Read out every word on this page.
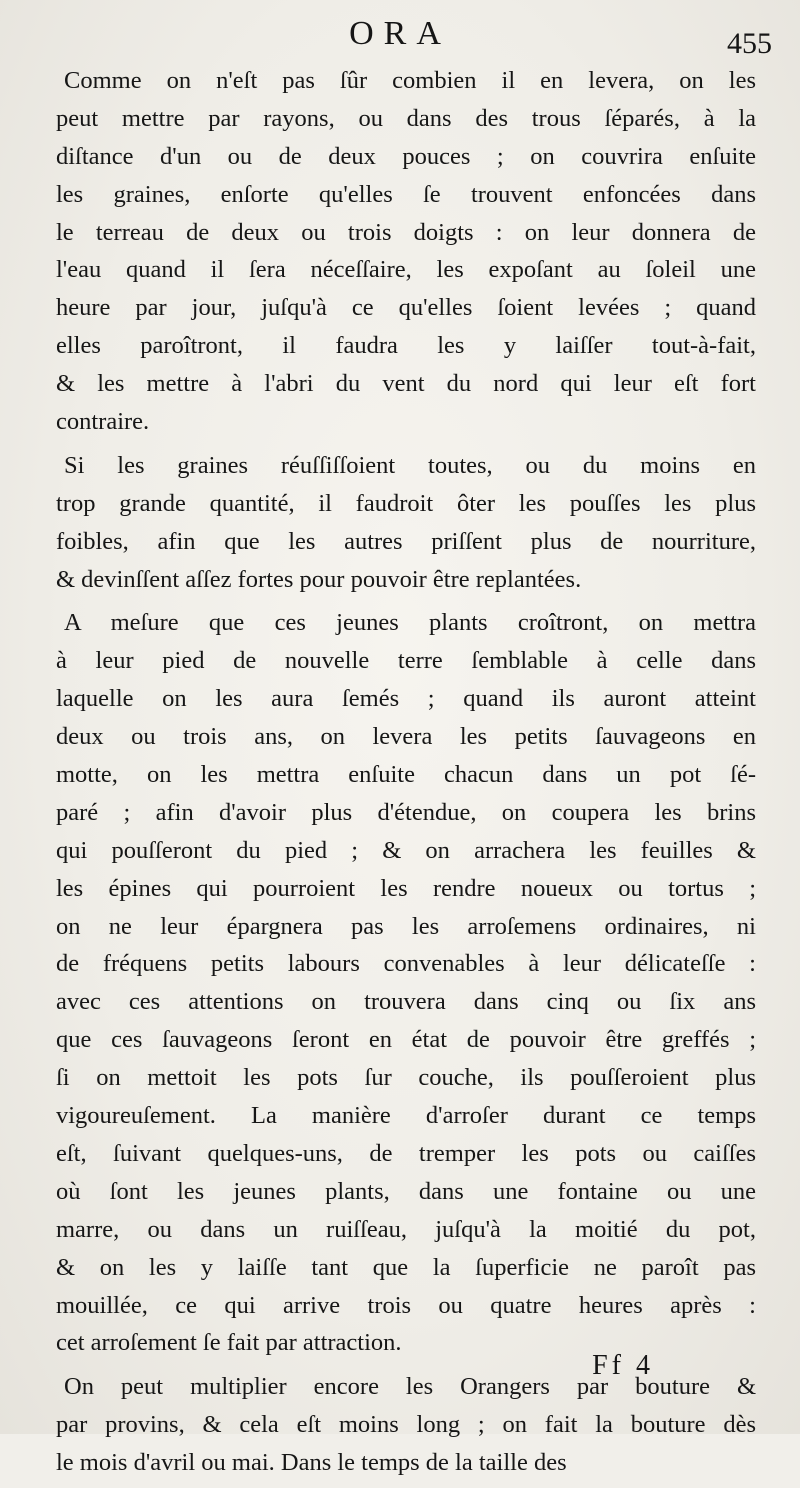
ORA	455
Comme on n'eſt pas ſûr combien il en levera, on les
peut mettre par rayons, ou dans des trous ſéparés, à la
diſtance d'un ou de deux pouces ; on couvrira enſuite
les graines, enſorte qu'elles ſe trouvent enfoncées dans
le terreau de deux ou trois doigts : on leur donnera de
l'eau quand il ſera néceſſaire, les expoſant au ſoleil une
heure par jour, juſqu'à ce qu'elles ſoient levées ; quand
elles paroîtront, il faudra les y laiſſer tout-à-fait,
& les mettre à l'abri du vent du nord qui leur eſt fort
contraire.
Si les graines réuſſiſſoient toutes, ou du moins en
trop grande quantité, il faudroit ôter les pouſſes les plus
foibles, afin que les autres priſſent plus de nourriture,
& devinſſent aſſez fortes pour pouvoir être replantées.
A meſure que ces jeunes plants croîtront, on mettra
à leur pied de nouvelle terre ſemblable à celle dans
laquelle on les aura ſemés ; quand ils auront atteint
deux ou trois ans, on levera les petits ſauvageons en
motte, on les mettra enſuite chacun dans un pot ſé-
paré ; afin d'avoir plus d'étendue, on coupera les brins
qui pouſſeront du pied ; & on arrachera les feuilles &
les épines qui pourroient les rendre noueux ou tortus ;
on ne leur épargnera pas les arroſemens ordinaires, ni
de fréquens petits labours convenables à leur délicateſſe :
avec ces attentions on trouvera dans cinq ou ſix ans
que ces ſauvageons ſeront en état de pouvoir être greffés ;
ſi on mettoit les pots ſur couche, ils pouſſeroient plus
vigoureuſement. La manière d'arroſer durant ce temps
eſt, ſuivant quelques-uns, de tremper les pots ou caiſſes
où ſont les jeunes plants, dans une fontaine ou une
marre, ou dans un ruiſſeau, juſqu'à la moitié du pot,
& on les y laiſſe tant que la ſuperficie ne paroît pas
mouillée, ce qui arrive trois ou quatre heures après :
cet arroſement ſe fait par attraction.
On peut multiplier encore les Orangers par bouture &
par provins, & cela eſt moins long ; on fait la bouture dès
le mois d'avril ou mai. Dans le temps de la taille des
Ff 4
